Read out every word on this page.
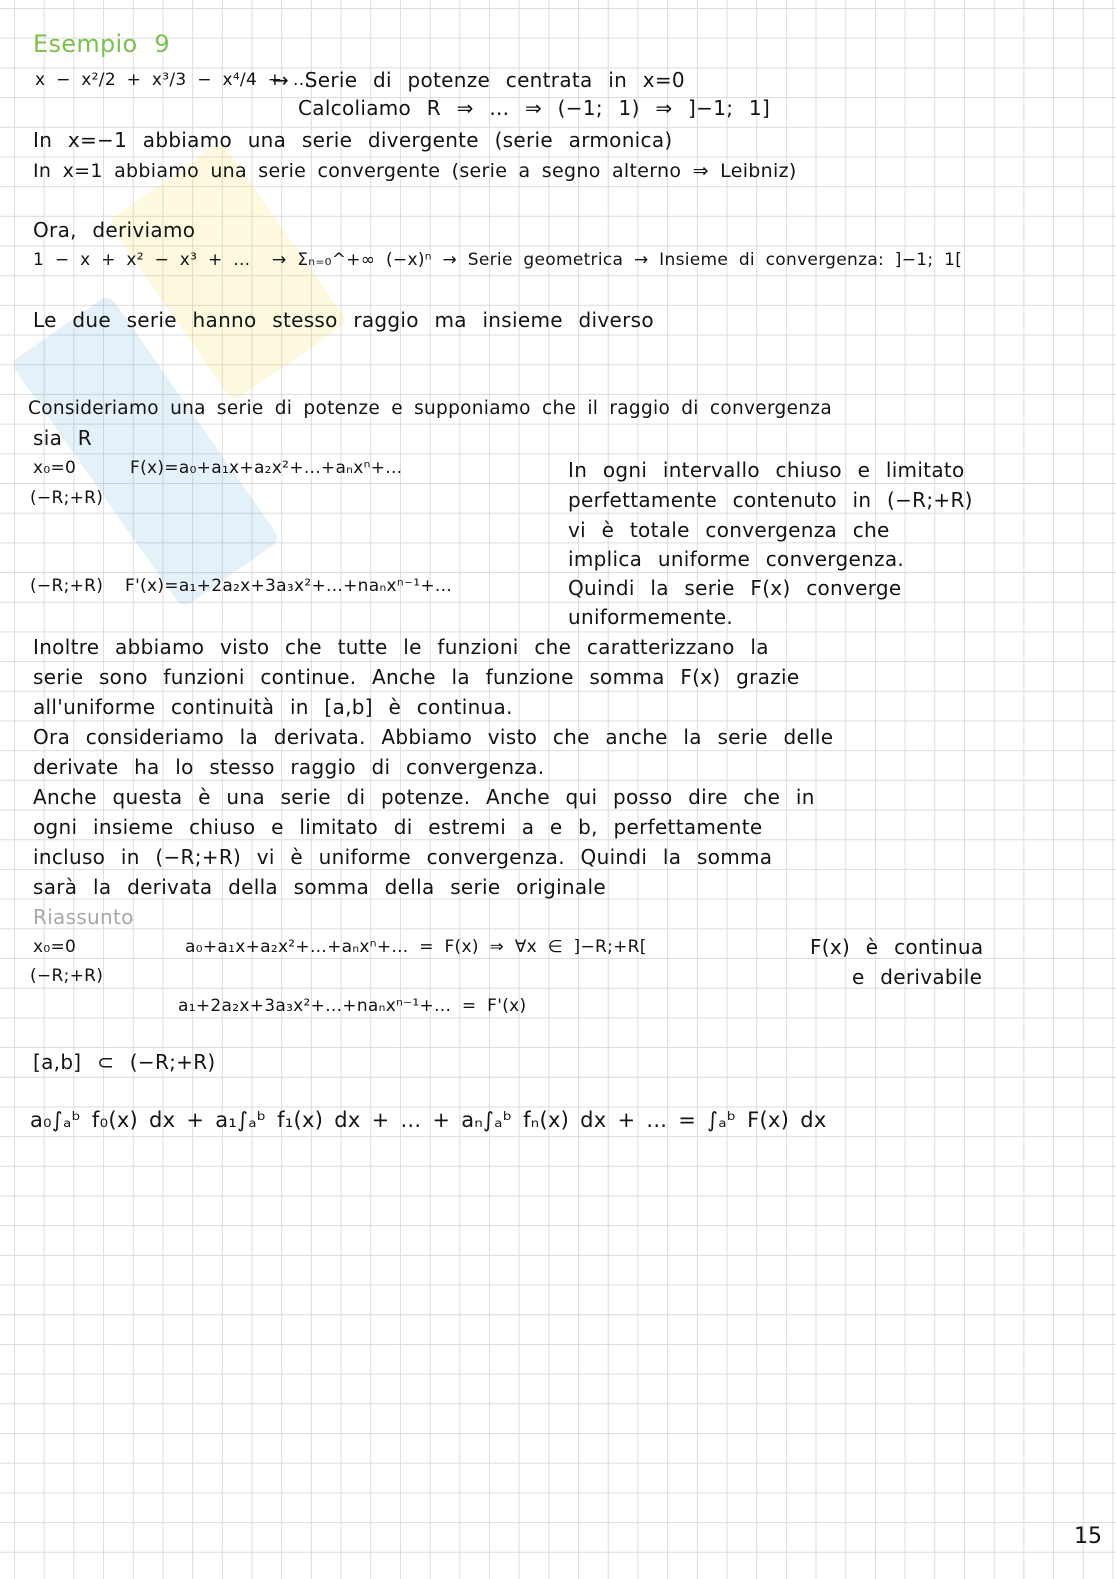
Esempio 9
x − x²/2 + x³/3 − x⁴/4 + ...
→ Serie di potenze centrata in x=0
Calcoliamo R ⇒ ... ⇒ (−1; 1) ⇒ ]−1; 1]
In x=−1 abbiamo una serie divergente (serie armonica)
In x=1 abbiamo una serie convergente (serie a segno alterno ⇒ Leibniz)
Ora, deriviamo
1 − x + x² − x³ + ... → Σₙ₌₀^+∞ (−x)ⁿ → Serie geometrica → Insieme di convergenza: ]−1; 1[
Le due serie hanno stesso raggio ma insieme diverso
Consideriamo una serie di potenze e supponiamo che il raggio di convergenza
sia R
x₀=0	F(x)=a₀+a₁x+a₂x²+...+aₙxⁿ+...
(−R;+R)
(−R;+R) F'(x)=a₁+2a₂x+3a₃x²+...+naₙxⁿ⁻¹+...
In ogni intervallo chiuso e limitato
perfettamente contenuto in (−R;+R)
vi è totale convergenza che
implica uniforme convergenza.
Quindi la serie F(x) converge
uniformemente.
Inoltre abbiamo visto che tutte le funzioni che caratterizzano la
serie sono funzioni continue. Anche la funzione somma F(x) grazie
all'uniforme continuità in [a,b] è continua.
Ora consideriamo la derivata. Abbiamo visto che anche la serie delle
derivate ha lo stesso raggio di convergenza.
Anche questa è una serie di potenze. Anche qui posso dire che in
ogni insieme chiuso e limitato di estremi a e b, perfettamente
incluso in (−R;+R) vi è uniforme convergenza. Quindi la somma
sarà la derivata della somma della serie originale
Riassunto
x₀=0
(−R;+R)
a₀+a₁x+a₂x²+...+aₙxⁿ+... = F(x) ⇒ ∀x ∈ ]−R;+R[	F(x) è continua
e derivabile
a₁+2a₂x+3a₃x²+...+naₙxⁿ⁻¹+... = F'(x)
[a,b] ⊂ (−R;+R)
a₀∫ₐᵇ f₀(x) dx + a₁∫ₐᵇ f₁(x) dx + ... + aₙ∫ₐᵇ fₙ(x) dx + ... = ∫ₐᵇ F(x) dx
15
